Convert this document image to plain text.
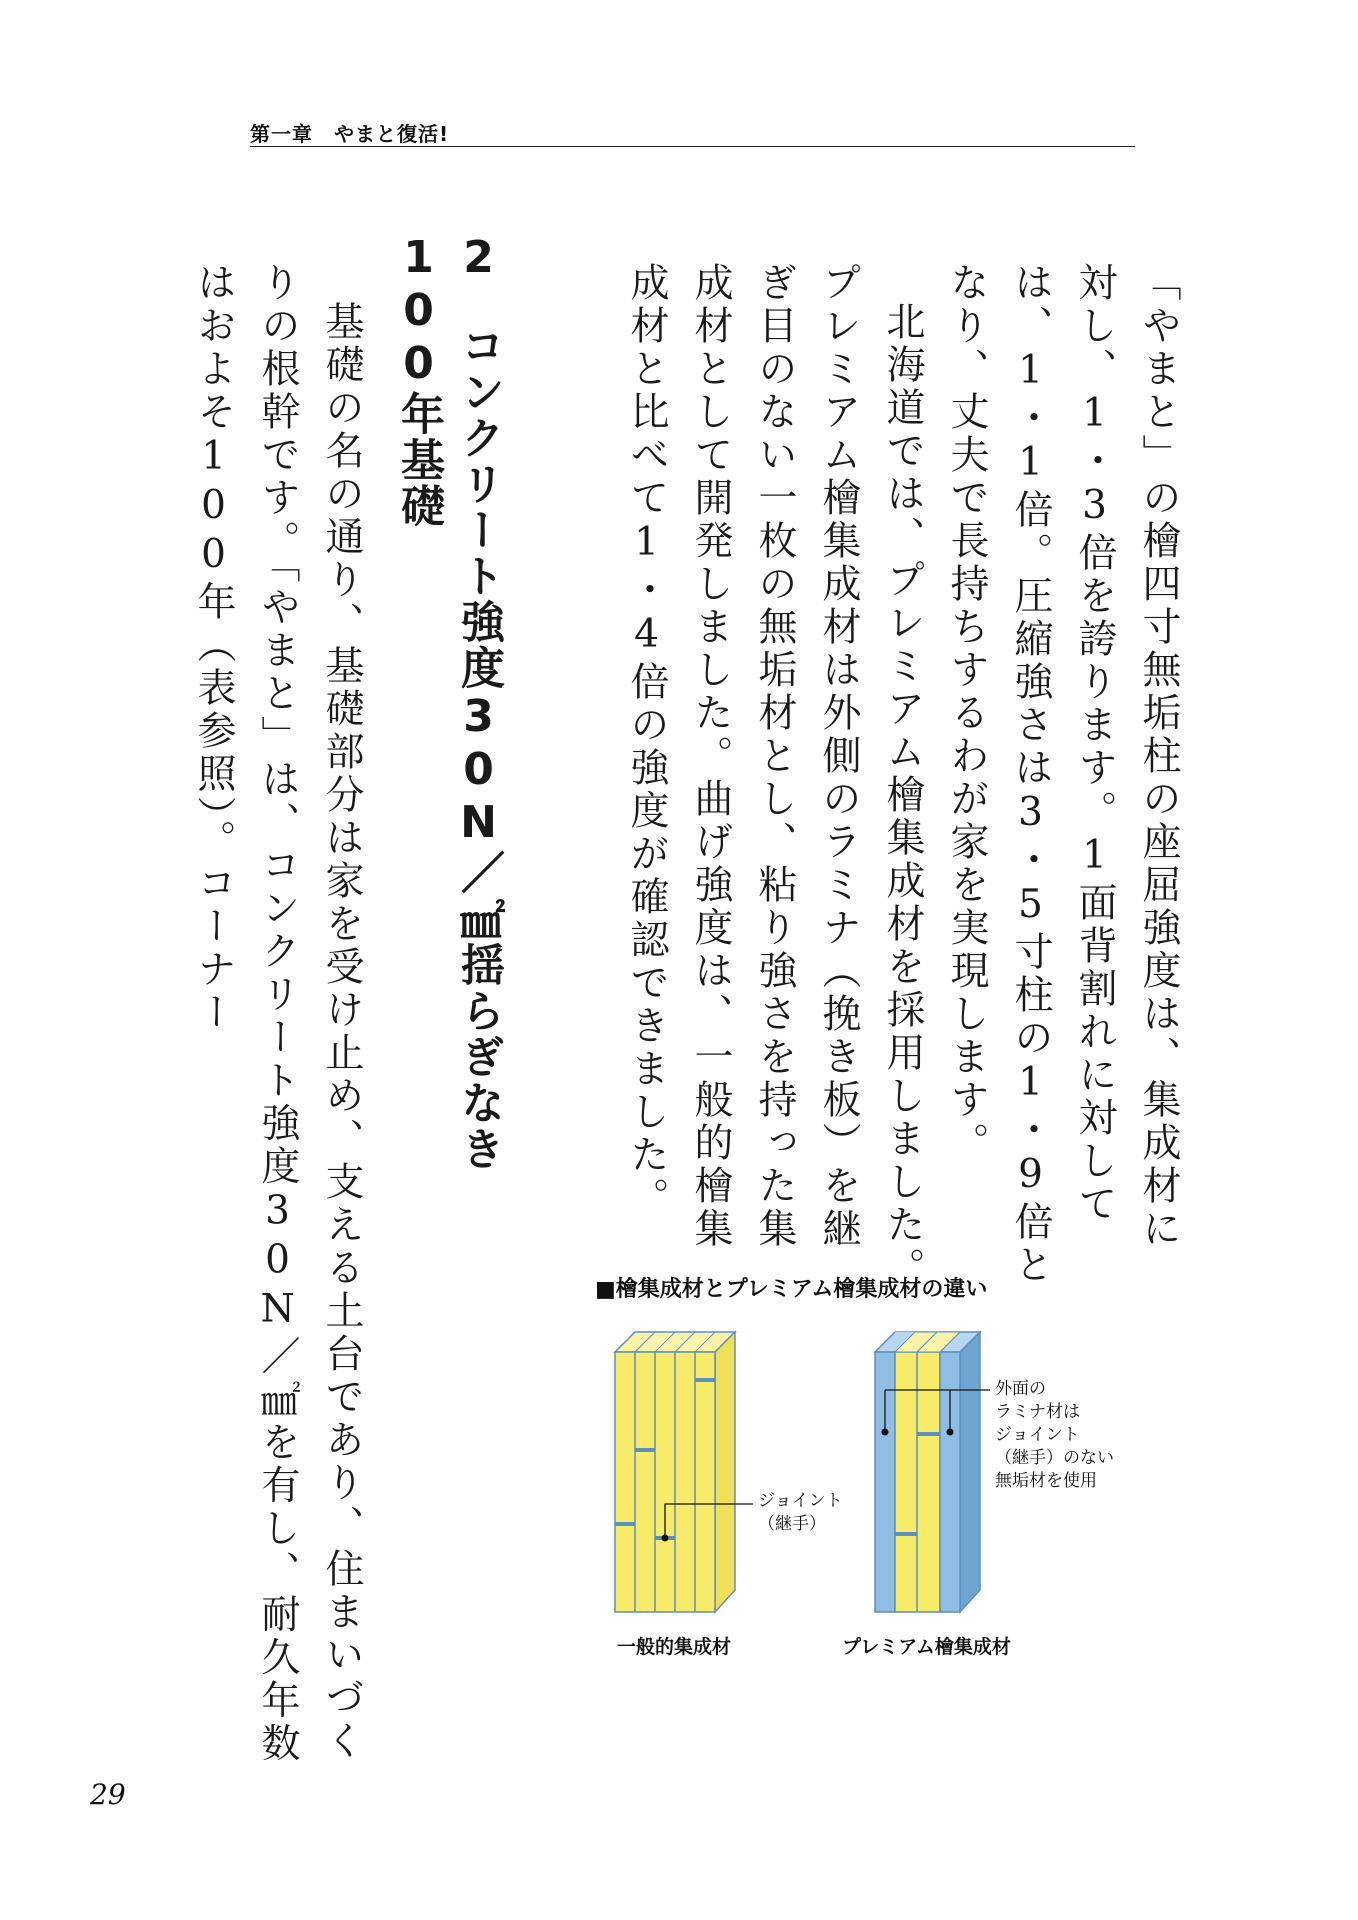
第一章　やまと復活!

「やまと」の檜四寸無垢柱の座屈強度は、集成材に対し、1・3倍を誇ります。1面背割れに対しては、1・1倍。圧縮強さは3・5寸柱の1・9倍となり、丈夫で長持ちするわが家を実現します。

北海道では、プレミアム檜集成材を採用しました。プレミアム檜集成材は外側のラミナ（挽き板）を継ぎ目のない一枚の無垢材とし、粘り強さを持った集成材として開発しました。曲げ強度は、一般的檜集成材と比べて1・4倍の強度が確認できました。

2コンクリート強度30N／㎟揺らぎなき100年基礎

基礎の名の通り、基礎部分は家を受け止め、支える土台であり、住まいづくりの根幹です。「やまと」は、コンクリート強度30N／㎟を有し、耐久年数はおよそ100年（表参照）。コーナー

■檜集成材とプレミアム檜集成材の違い
ジョイント
（継手）
外面の
ラミナ材は
ジョイント
（継手）のない
無垢材を使用
一般的集成材	プレミアム檜集成材
29
